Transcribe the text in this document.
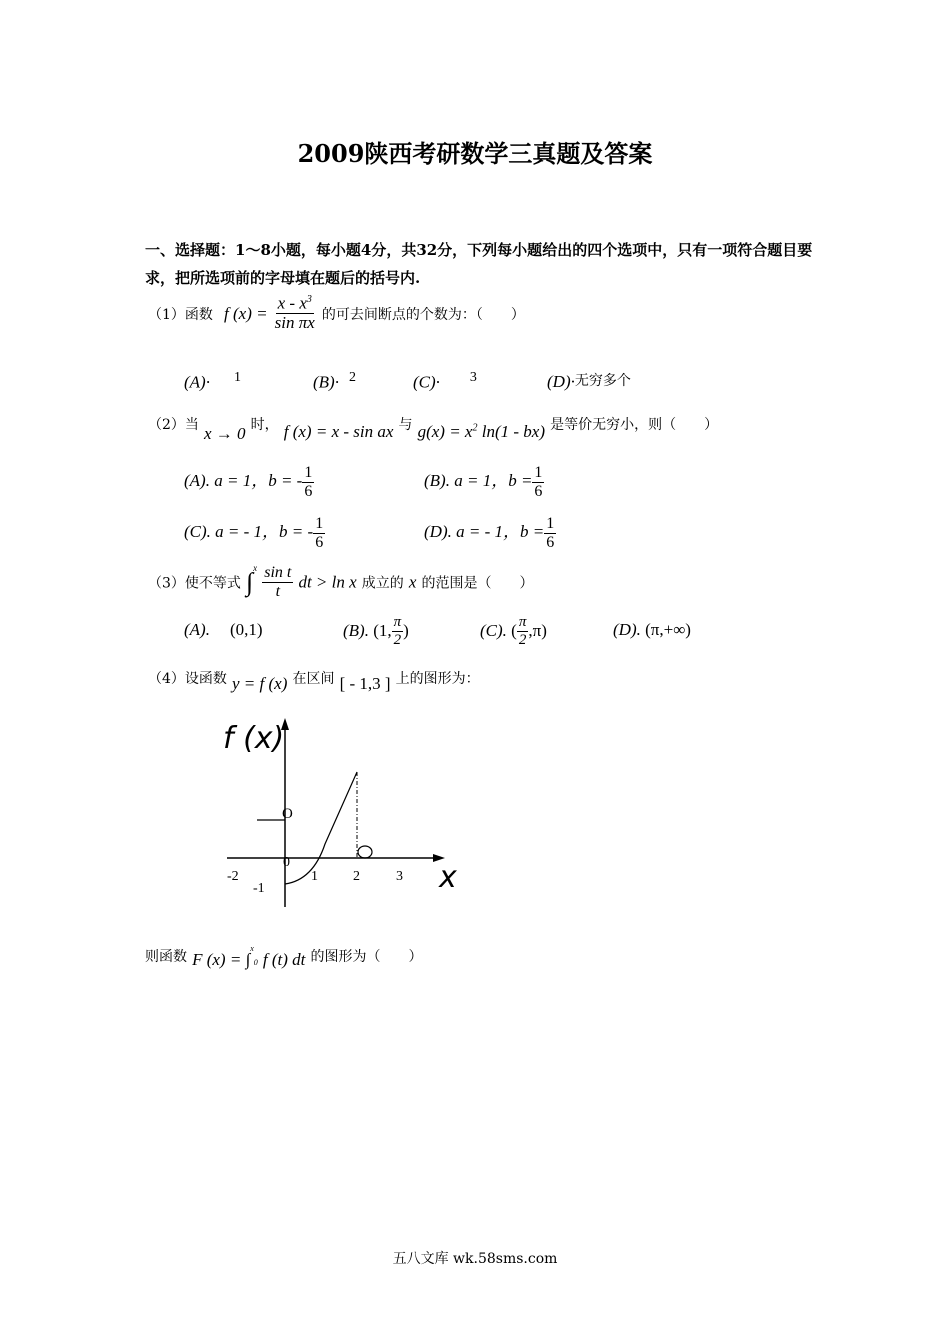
2009陕西考研数学三真题及答案
一、选择题：1～8小题，每小题4分，共32分，下列每小题给出的四个选项中，只有一项符合题目要求，把所选项前的字母填在题后的括号内.
（1）函数 f $(x) = \frac{x - x^3}{\text{sin πx}}$ 的可去间断点的个数为：（　　）
(A)· $^1$	(B)· $^2$	(C)· $^3$	(D)·无穷多个
（2）当 x → 0 时， f (x) = x - sin ax 与 $g(x) = x^2$ ln(1 - bx) 是等价无穷小，则（　　）
(A). a = 1，b = - $\frac{1}{6}$	(B). a = 1，$b = \frac{1}{6}$
(C). a = - 1，b = - $\frac{1}{6}$	(D). a = - 1，$b = \frac{1}{6}$
（3）使不等式 $\int^x \frac{\text{sin t}}{t}$ dt > ln x 成立的 x 的范围是（　　）
(A). (0,1)	(B). (1, $\frac{\pi}{2}$ )	(C). ( $\frac{\pi}{2} ,\pi$)	(D). (π,+∞)
（4）设函数 y = f (x) 在区间 [ - 1,3 ] 上的图形为：
f (x)
x
O
0
-2	1	2	3
-1
则函数 F (x) = ∫$^x_0$ f (t) dt 的图形为（　　）
五八文库 wk.58sms.com
